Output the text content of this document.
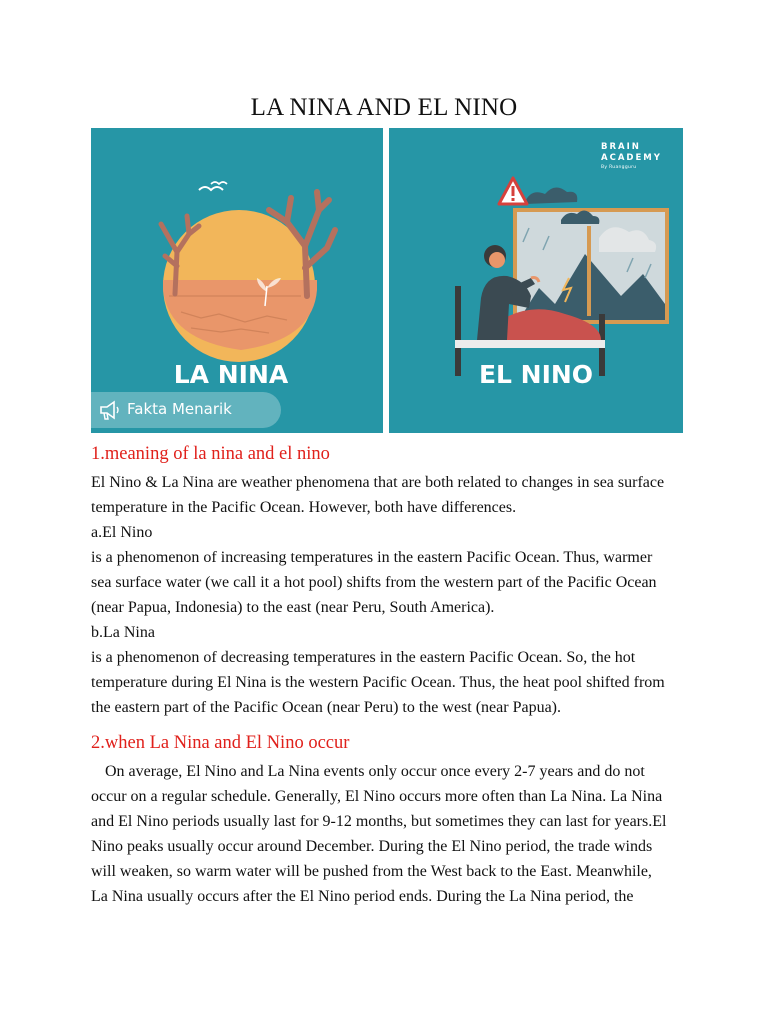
LA NINA AND EL NINO
LA NINA
Fakta Menarik
BRAIN
ACADEMY
By Ruangguru
EL NINO
1.meaning of la nina and el nino

El Nino & La Nina are weather phenomena that are both related to changes in sea surface

temperature in the Pacific Ocean. However, both have differences.

a.El Nino

is a phenomenon of increasing temperatures in the eastern Pacific Ocean. Thus, warmer

sea surface water (we call it a hot pool) shifts from the western part of the Pacific Ocean

(near Papua, Indonesia) to the east (near Peru, South America).

b.La Nina

is a phenomenon of decreasing temperatures in the eastern Pacific Ocean. So, the hot

temperature during El Nina is the western Pacific Ocean. Thus, the heat pool shifted from

the eastern part of the Pacific Ocean (near Peru) to the west (near Papua).

2.when La Nina and El Nino occur

On average, El Nino and La Nina events only occur once every 2-7 years and do not

occur on a regular schedule. Generally, El Nino occurs more often than La Nina. La Nina

and El Nino periods usually last for 9-12 months, but sometimes they can last for years.El

Nino peaks usually occur around December. During the El Nino period, the trade winds

will weaken, so warm water will be pushed from the West back to the East. Meanwhile,

La Nina usually occurs after the El Nino period ends. During the La Nina period, the
